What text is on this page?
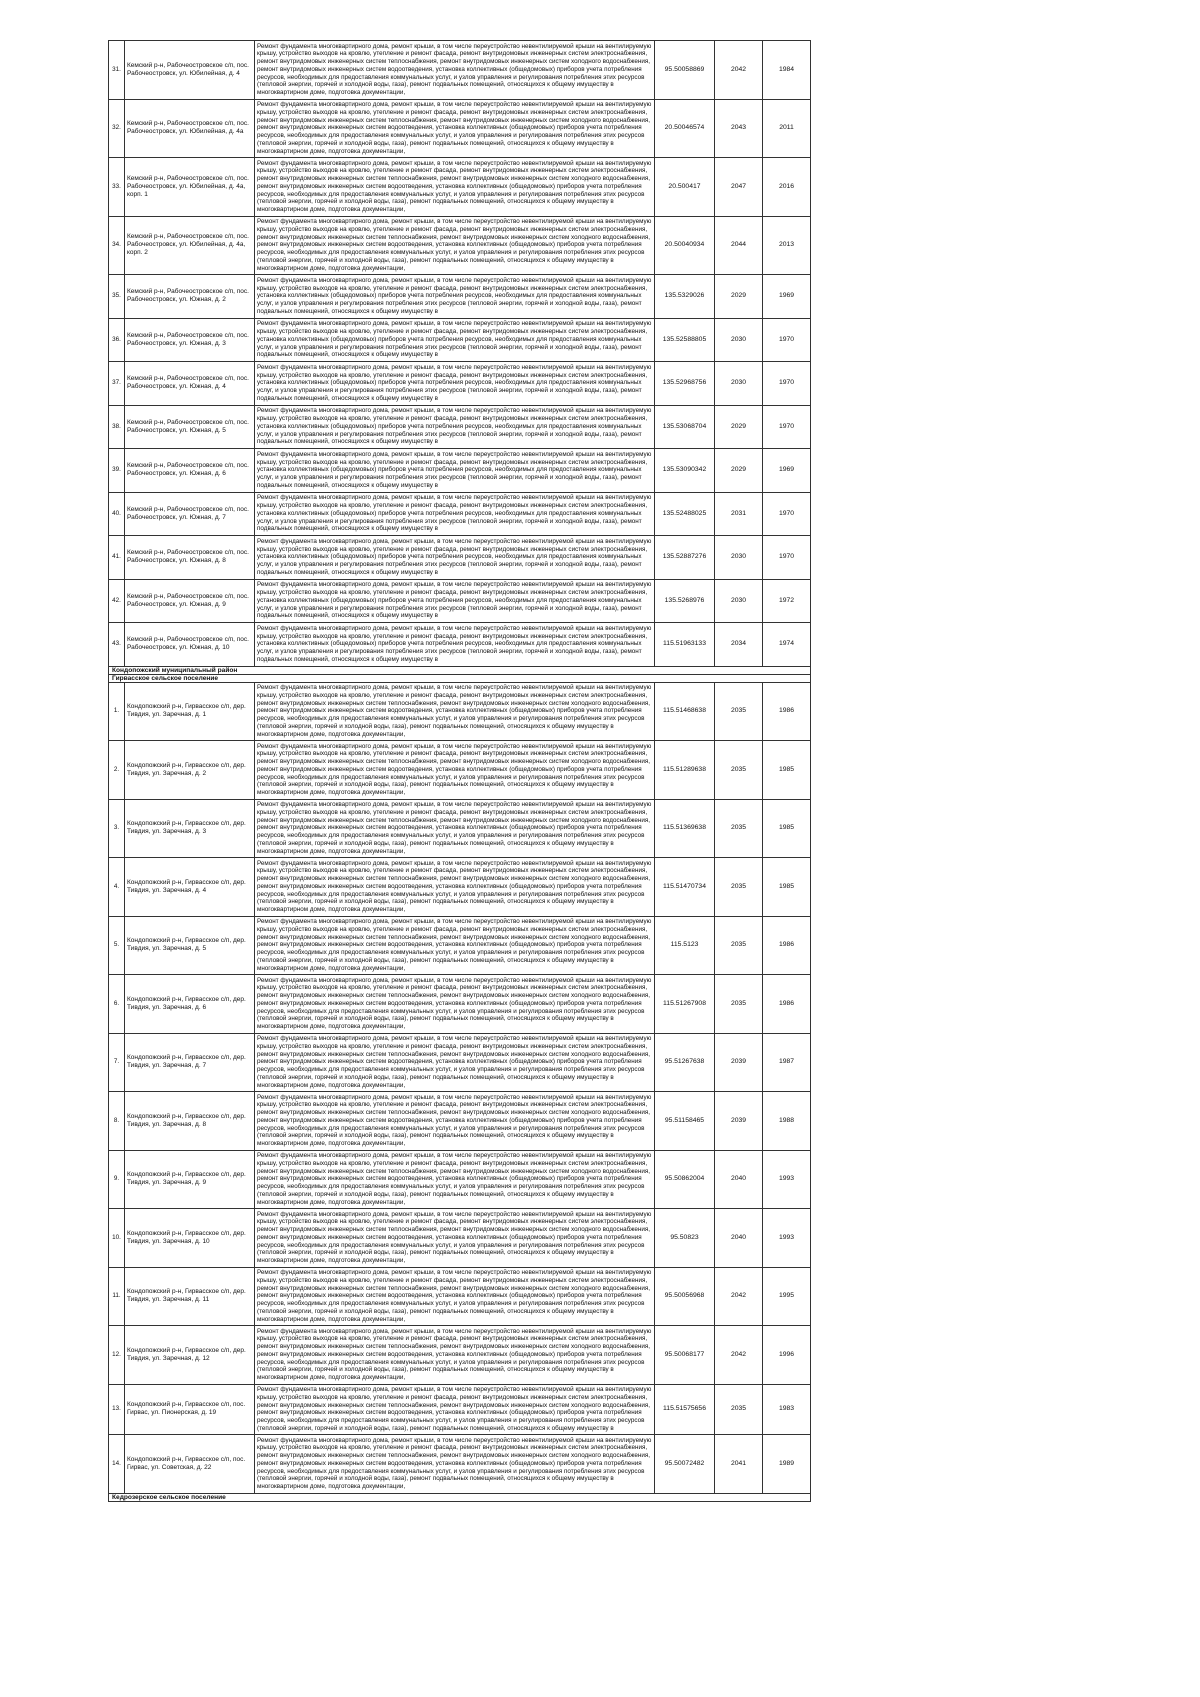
31.	Кемский р-н, Рабочеостровское с/п, пос. Рабочеостровск, ул. Юбилейная, д. 4	Ремонт фундамента многоквартирного дома, ремонт крыши, в том числе переустройство невентилируемой крыши на вентилируемую крышу, устройство выходов на кровлю, утепление и ремонт фасада, ремонт внутридомовых инженерных систем электроснабжения, ремонт внутридомовых инженерных систем теплоснабжения, ремонт внутридомовых инженерных систем холодного водоснабжения, ремонт внутридомовых инженерных систем водоотведения, установка коллективных (общедомовых) приборов учета потребления ресурсов, необходимых для предоставления коммунальных услуг, и узлов управления и регулирования потребления этих ресурсов (тепловой энергии, горячей и холодной воды, газа), ремонт подвальных помещений, относящихся к общему имуществу в многоквартирном доме, подготовка документации,	95.50058869	2042	1984
32.	Кемский р-н, Рабочеостровское с/п, пос. Рабочеостровск, ул. Юбилейная, д. 4а	Ремонт фундамента многоквартирного дома, ремонт крыши, в том числе переустройство невентилируемой крыши на вентилируемую крышу, устройство выходов на кровлю, утепление и ремонт фасада, ремонт внутридомовых инженерных систем электроснабжения, ремонт внутридомовых инженерных систем теплоснабжения, ремонт внутридомовых инженерных систем холодного водоснабжения, ремонт внутридомовых инженерных систем водоотведения, установка коллективных (общедомовых) приборов учета потребления ресурсов, необходимых для предоставления коммунальных услуг, и узлов управления и регулирования потребления этих ресурсов (тепловой энергии, горячей и холодной воды, газа), ремонт подвальных помещений, относящихся к общему имуществу в многоквартирном доме, подготовка документации,	20.50046574	2043	2011
33.	Кемский р-н, Рабочеостровское с/п, пос. Рабочеостровск, ул. Юбилейная, д. 4а, корп. 1	Ремонт фундамента многоквартирного дома, ремонт крыши, в том числе переустройство невентилируемой крыши на вентилируемую крышу, устройство выходов на кровлю, утепление и ремонт фасада, ремонт внутридомовых инженерных систем электроснабжения, ремонт внутридомовых инженерных систем теплоснабжения, ремонт внутридомовых инженерных систем холодного водоснабжения, ремонт внутридомовых инженерных систем водоотведения, установка коллективных (общедомовых) приборов учета потребления ресурсов, необходимых для предоставления коммунальных услуг, и узлов управления и регулирования потребления этих ресурсов (тепловой энергии, горячей и холодной воды, газа), ремонт подвальных помещений, относящихся к общему имуществу в многоквартирном доме, подготовка документации,	20.500417	2047	2016
34.	Кемский р-н, Рабочеостровское с/п, пос. Рабочеостровск, ул. Юбилейная, д. 4а, корп. 2	Ремонт фундамента многоквартирного дома, ремонт крыши, в том числе переустройство невентилируемой крыши на вентилируемую крышу, устройство выходов на кровлю, утепление и ремонт фасада, ремонт внутридомовых инженерных систем электроснабжения, ремонт внутридомовых инженерных систем теплоснабжения, ремонт внутридомовых инженерных систем холодного водоснабжения, ремонт внутридомовых инженерных систем водоотведения, установка коллективных (общедомовых) приборов учета потребления ресурсов, необходимых для предоставления коммунальных услуг, и узлов управления и регулирования потребления этих ресурсов (тепловой энергии, горячей и холодной воды, газа), ремонт подвальных помещений, относящихся к общему имуществу в многоквартирном доме, подготовка документации,	20.50040934	2044	2013
35.	Кемский р-н, Рабочеостровское с/п, пос. Рабочеостровск, ул. Южная, д. 2	Ремонт фундамента многоквартирного дома, ремонт крыши, в том числе переустройство невентилируемой крыши на вентилируемую крышу, устройство выходов на кровлю, утепление и ремонт фасада, ремонт внутридомовых инженерных систем электроснабжения, установка коллективных (общедомовых) приборов учета потребления ресурсов, необходимых для предоставления коммунальных услуг, и узлов управления и регулирования потребления этих ресурсов (тепловой энергии, горячей и холодной воды, газа), ремонт подвальных помещений, относящихся к общему имуществу в	135.5329026	2029	1969
36.	Кемский р-н, Рабочеостровское с/п, пос. Рабочеостровск, ул. Южная, д. 3	Ремонт фундамента многоквартирного дома, ремонт крыши, в том числе переустройство невентилируемой крыши на вентилируемую крышу, устройство выходов на кровлю, утепление и ремонт фасада, ремонт внутридомовых инженерных систем электроснабжения, установка коллективных (общедомовых) приборов учета потребления ресурсов, необходимых для предоставления коммунальных услуг, и узлов управления и регулирования потребления этих ресурсов (тепловой энергии, горячей и холодной воды, газа), ремонт подвальных помещений, относящихся к общему имуществу в	135.52588805	2030	1970
37.	Кемский р-н, Рабочеостровское с/п, пос. Рабочеостровск, ул. Южная, д. 4	Ремонт фундамента многоквартирного дома, ремонт крыши, в том числе переустройство невентилируемой крыши на вентилируемую крышу, устройство выходов на кровлю, утепление и ремонт фасада, ремонт внутридомовых инженерных систем электроснабжения, установка коллективных (общедомовых) приборов учета потребления ресурсов, необходимых для предоставления коммунальных услуг, и узлов управления и регулирования потребления этих ресурсов (тепловой энергии, горячей и холодной воды, газа), ремонт подвальных помещений, относящихся к общему имуществу в	135.52968756	2030	1970
38.	Кемский р-н, Рабочеостровское с/п, пос. Рабочеостровск, ул. Южная, д. 5	Ремонт фундамента многоквартирного дома, ремонт крыши, в том числе переустройство невентилируемой крыши на вентилируемую крышу, устройство выходов на кровлю, утепление и ремонт фасада, ремонт внутридомовых инженерных систем электроснабжения, установка коллективных (общедомовых) приборов учета потребления ресурсов, необходимых для предоставления коммунальных услуг, и узлов управления и регулирования потребления этих ресурсов (тепловой энергии, горячей и холодной воды, газа), ремонт подвальных помещений, относящихся к общему имуществу в	135.53068704	2029	1970
39.	Кемский р-н, Рабочеостровское с/п, пос. Рабочеостровск, ул. Южная, д. 6	Ремонт фундамента многоквартирного дома, ремонт крыши, в том числе переустройство невентилируемой крыши на вентилируемую крышу, устройство выходов на кровлю, утепление и ремонт фасада, ремонт внутридомовых инженерных систем электроснабжения, установка коллективных (общедомовых) приборов учета потребления ресурсов, необходимых для предоставления коммунальных услуг, и узлов управления и регулирования потребления этих ресурсов (тепловой энергии, горячей и холодной воды, газа), ремонт подвальных помещений, относящихся к общему имуществу в	135.53090342	2029	1969
40.	Кемский р-н, Рабочеостровское с/п, пос. Рабочеостровск, ул. Южная, д. 7	Ремонт фундамента многоквартирного дома, ремонт крыши, в том числе переустройство невентилируемой крыши на вентилируемую крышу, устройство выходов на кровлю, утепление и ремонт фасада, ремонт внутридомовых инженерных систем электроснабжения, установка коллективных (общедомовых) приборов учета потребления ресурсов, необходимых для предоставления коммунальных услуг, и узлов управления и регулирования потребления этих ресурсов (тепловой энергии, горячей и холодной воды, газа), ремонт подвальных помещений, относящихся к общему имуществу в	135.52488025	2031	1970
41.	Кемский р-н, Рабочеостровское с/п, пос. Рабочеостровск, ул. Южная, д. 8	Ремонт фундамента многоквартирного дома, ремонт крыши, в том числе переустройство невентилируемой крыши на вентилируемую крышу, устройство выходов на кровлю, утепление и ремонт фасада, ремонт внутридомовых инженерных систем электроснабжения, установка коллективных (общедомовых) приборов учета потребления ресурсов, необходимых для предоставления коммунальных услуг, и узлов управления и регулирования потребления этих ресурсов (тепловой энергии, горячей и холодной воды, газа), ремонт подвальных помещений, относящихся к общему имуществу в	135.52887276	2030	1970
42.	Кемский р-н, Рабочеостровское с/п, пос. Рабочеостровск, ул. Южная, д. 9	Ремонт фундамента многоквартирного дома, ремонт крыши, в том числе переустройство невентилируемой крыши на вентилируемую крышу, устройство выходов на кровлю, утепление и ремонт фасада, ремонт внутридомовых инженерных систем электроснабжения, установка коллективных (общедомовых) приборов учета потребления ресурсов, необходимых для предоставления коммунальных услуг, и узлов управления и регулирования потребления этих ресурсов (тепловой энергии, горячей и холодной воды, газа), ремонт подвальных помещений, относящихся к общему имуществу в	135.5268976	2030	1972
43.	Кемский р-н, Рабочеостровское с/п, пос. Рабочеостровск, ул. Южная, д. 10	Ремонт фундамента многоквартирного дома, ремонт крыши, в том числе переустройство невентилируемой крыши на вентилируемую крышу, устройство выходов на кровлю, утепление и ремонт фасада, ремонт внутридомовых инженерных систем электроснабжения, установка коллективных (общедомовых) приборов учета потребления ресурсов, необходимых для предоставления коммунальных услуг, и узлов управления и регулирования потребления этих ресурсов (тепловой энергии, горячей и холодной воды, газа), ремонт подвальных помещений, относящихся к общему имуществу в	115.51963133	2034	1974
Кондопожский муниципальный район					
Гирвасское сельское поселение					
1.	Кондопожский р-н, Гирвасское с/п, дер. Тивдия, ул. Заречная, д. 1	Ремонт фундамента многоквартирного дома, ремонт крыши, в том числе переустройство невентилируемой крыши на вентилируемую крышу, устройство выходов на кровлю, утепление и ремонт фасада, ремонт внутридомовых инженерных систем электроснабжения, ремонт внутридомовых инженерных систем теплоснабжения, ремонт внутридомовых инженерных систем холодного водоснабжения, ремонт внутридомовых инженерных систем водоотведения, установка коллективных (общедомовых) приборов учета потребления ресурсов, необходимых для предоставления коммунальных услуг, и узлов управления и регулирования потребления этих ресурсов (тепловой энергии, горячей и холодной воды, газа), ремонт подвальных помещений, относящихся к общему имуществу в многоквартирном доме, подготовка документации,	115.51468638	2035	1986
2.	Кондопожский р-н, Гирвасское с/п, дер. Тивдия, ул. Заречная, д. 2	Ремонт фундамента многоквартирного дома, ремонт крыши, в том числе переустройство невентилируемой крыши на вентилируемую крышу, устройство выходов на кровлю, утепление и ремонт фасада, ремонт внутридомовых инженерных систем электроснабжения, ремонт внутридомовых инженерных систем теплоснабжения, ремонт внутридомовых инженерных систем холодного водоснабжения, ремонт внутридомовых инженерных систем водоотведения, установка коллективных (общедомовых) приборов учета потребления ресурсов, необходимых для предоставления коммунальных услуг, и узлов управления и регулирования потребления этих ресурсов (тепловой энергии, горячей и холодной воды, газа), ремонт подвальных помещений, относящихся к общему имуществу в многоквартирном доме, подготовка документации,	115.51289638	2035	1985
3.	Кондопожский р-н, Гирвасское с/п, дер. Тивдия, ул. Заречная, д. 3	Ремонт фундамента многоквартирного дома, ремонт крыши, в том числе переустройство невентилируемой крыши на вентилируемую крышу, устройство выходов на кровлю, утепление и ремонт фасада, ремонт внутридомовых инженерных систем электроснабжения, ремонт внутридомовых инженерных систем теплоснабжения, ремонт внутридомовых инженерных систем холодного водоснабжения, ремонт внутридомовых инженерных систем водоотведения, установка коллективных (общедомовых) приборов учета потребления ресурсов, необходимых для предоставления коммунальных услуг, и узлов управления и регулирования потребления этих ресурсов (тепловой энергии, горячей и холодной воды, газа), ремонт подвальных помещений, относящихся к общему имуществу в многоквартирном доме, подготовка документации,	115.51369638	2035	1985
4.	Кондопожский р-н, Гирвасское с/п, дер. Тивдия, ул. Заречная, д. 4	Ремонт фундамента многоквартирного дома, ремонт крыши, в том числе переустройство невентилируемой крыши на вентилируемую крышу, устройство выходов на кровлю, утепление и ремонт фасада, ремонт внутридомовых инженерных систем электроснабжения, ремонт внутридомовых инженерных систем теплоснабжения, ремонт внутридомовых инженерных систем холодного водоснабжения, ремонт внутридомовых инженерных систем водоотведения, установка коллективных (общедомовых) приборов учета потребления ресурсов, необходимых для предоставления коммунальных услуг, и узлов управления и регулирования потребления этих ресурсов (тепловой энергии, горячей и холодной воды, газа), ремонт подвальных помещений, относящихся к общему имуществу в многоквартирном доме, подготовка документации,	115.51470734	2035	1985
5.	Кондопожский р-н, Гирвасское с/п, дер. Тивдия, ул. Заречная, д. 5	Ремонт фундамента многоквартирного дома, ремонт крыши, в том числе переустройство невентилируемой крыши на вентилируемую крышу, устройство выходов на кровлю, утепление и ремонт фасада, ремонт внутридомовых инженерных систем электроснабжения, ремонт внутридомовых инженерных систем теплоснабжения, ремонт внутридомовых инженерных систем холодного водоснабжения, ремонт внутридомовых инженерных систем водоотведения, установка коллективных (общедомовых) приборов учета потребления ресурсов, необходимых для предоставления коммунальных услуг, и узлов управления и регулирования потребления этих ресурсов (тепловой энергии, горячей и холодной воды, газа), ремонт подвальных помещений, относящихся к общему имуществу в многоквартирном доме, подготовка документации,	115.5123	2035	1986
6.	Кондопожский р-н, Гирвасское с/п, дер. Тивдия, ул. Заречная, д. 6	Ремонт фундамента многоквартирного дома, ремонт крыши, в том числе переустройство невентилируемой крыши на вентилируемую крышу, устройство выходов на кровлю, утепление и ремонт фасада, ремонт внутридомовых инженерных систем электроснабжения, ремонт внутридомовых инженерных систем теплоснабжения, ремонт внутридомовых инженерных систем холодного водоснабжения, ремонт внутридомовых инженерных систем водоотведения, установка коллективных (общедомовых) приборов учета потребления ресурсов, необходимых для предоставления коммунальных услуг, и узлов управления и регулирования потребления этих ресурсов (тепловой энергии, горячей и холодной воды, газа), ремонт подвальных помещений, относящихся к общему имуществу в многоквартирном доме, подготовка документации,	115.51267908	2035	1986
7.	Кондопожский р-н, Гирвасское с/п, дер. Тивдия, ул. Заречная, д. 7	Ремонт фундамента многоквартирного дома, ремонт крыши, в том числе переустройство невентилируемой крыши на вентилируемую крышу, устройство выходов на кровлю, утепление и ремонт фасада, ремонт внутридомовых инженерных систем электроснабжения, ремонт внутридомовых инженерных систем теплоснабжения, ремонт внутридомовых инженерных систем холодного водоснабжения, ремонт внутридомовых инженерных систем водоотведения, установка коллективных (общедомовых) приборов учета потребления ресурсов, необходимых для предоставления коммунальных услуг, и узлов управления и регулирования потребления этих ресурсов (тепловой энергии, горячей и холодной воды, газа), ремонт подвальных помещений, относящихся к общему имуществу в многоквартирном доме, подготовка документации,	95.51267638	2039	1987
8.	Кондопожский р-н, Гирвасское с/п, дер. Тивдия, ул. Заречная, д. 8	Ремонт фундамента многоквартирного дома, ремонт крыши, в том числе переустройство невентилируемой крыши на вентилируемую крышу, устройство выходов на кровлю, утепление и ремонт фасада, ремонт внутридомовых инженерных систем электроснабжения, ремонт внутридомовых инженерных систем теплоснабжения, ремонт внутридомовых инженерных систем холодного водоснабжения, ремонт внутридомовых инженерных систем водоотведения, установка коллективных (общедомовых) приборов учета потребления ресурсов, необходимых для предоставления коммунальных услуг, и узлов управления и регулирования потребления этих ресурсов (тепловой энергии, горячей и холодной воды, газа), ремонт подвальных помещений, относящихся к общему имуществу в многоквартирном доме, подготовка документации,	95.51158465	2039	1988
9.	Кондопожский р-н, Гирвасское с/п, дер. Тивдия, ул. Заречная, д. 9	Ремонт фундамента многоквартирного дома, ремонт крыши, в том числе переустройство невентилируемой крыши на вентилируемую крышу, устройство выходов на кровлю, утепление и ремонт фасада, ремонт внутридомовых инженерных систем электроснабжения, ремонт внутридомовых инженерных систем теплоснабжения, ремонт внутридомовых инженерных систем холодного водоснабжения, ремонт внутридомовых инженерных систем водоотведения, установка коллективных (общедомовых) приборов учета потребления ресурсов, необходимых для предоставления коммунальных услуг, и узлов управления и регулирования потребления этих ресурсов (тепловой энергии, горячей и холодной воды, газа), ремонт подвальных помещений, относящихся к общему имуществу в многоквартирном доме, подготовка документации,	95.50862004	2040	1993
10.	Кондопожский р-н, Гирвасское с/п, дер. Тивдия, ул. Заречная, д. 10	Ремонт фундамента многоквартирного дома, ремонт крыши, в том числе переустройство невентилируемой крыши на вентилируемую крышу, устройство выходов на кровлю, утепление и ремонт фасада, ремонт внутридомовых инженерных систем электроснабжения, ремонт внутридомовых инженерных систем теплоснабжения, ремонт внутридомовых инженерных систем холодного водоснабжения, ремонт внутридомовых инженерных систем водоотведения, установка коллективных (общедомовых) приборов учета потребления ресурсов, необходимых для предоставления коммунальных услуг, и узлов управления и регулирования потребления этих ресурсов (тепловой энергии, горячей и холодной воды, газа), ремонт подвальных помещений, относящихся к общему имуществу в многоквартирном доме, подготовка документации,	95.50823	2040	1993
11.	Кондопожский р-н, Гирвасское с/п, дер. Тивдия, ул. Заречная, д. 11	Ремонт фундамента многоквартирного дома, ремонт крыши, в том числе переустройство невентилируемой крыши на вентилируемую крышу, устройство выходов на кровлю, утепление и ремонт фасада, ремонт внутридомовых инженерных систем электроснабжения, ремонт внутридомовых инженерных систем теплоснабжения, ремонт внутридомовых инженерных систем холодного водоснабжения, ремонт внутридомовых инженерных систем водоотведения, установка коллективных (общедомовых) приборов учета потребления ресурсов, необходимых для предоставления коммунальных услуг, и узлов управления и регулирования потребления этих ресурсов (тепловой энергии, горячей и холодной воды, газа), ремонт подвальных помещений, относящихся к общему имуществу в многоквартирном доме, подготовка документации,	95.50056968	2042	1995
12.	Кондопожский р-н, Гирвасское с/п, дер. Тивдия, ул. Заречная, д. 12	Ремонт фундамента многоквартирного дома, ремонт крыши, в том числе переустройство невентилируемой крыши на вентилируемую крышу, устройство выходов на кровлю, утепление и ремонт фасада, ремонт внутридомовых инженерных систем электроснабжения, ремонт внутридомовых инженерных систем теплоснабжения, ремонт внутридомовых инженерных систем холодного водоснабжения, ремонт внутридомовых инженерных систем водоотведения, установка коллективных (общедомовых) приборов учета потребления ресурсов, необходимых для предоставления коммунальных услуг, и узлов управления и регулирования потребления этих ресурсов (тепловой энергии, горячей и холодной воды, газа), ремонт подвальных помещений, относящихся к общему имуществу в многоквартирном доме, подготовка документации,	95.50068177	2042	1996
13.	Кондопожский р-н, Гирвасское с/п, пос. Гирвас, ул. Пионерская, д. 19	Ремонт фундамента многоквартирного дома, ремонт крыши, в том числе переустройство невентилируемой крыши на вентилируемую крышу, устройство выходов на кровлю, утепление и ремонт фасада, ремонт внутридомовых инженерных систем электроснабжения, ремонт внутридомовых инженерных систем теплоснабжения, ремонт внутридомовых инженерных систем холодного водоснабжения, ремонт внутридомовых инженерных систем водоотведения, установка коллективных (общедомовых) приборов учета потребления ресурсов, необходимых для предоставления коммунальных услуг, и узлов управления и регулирования потребления этих ресурсов (тепловой энергии, горячей и холодной воды, газа), ремонт подвальных помещений, относящихся к общему имуществу в	115.51575656	2035	1983
14.	Кондопожский р-н, Гирвасское с/п, пос. Гирвас, ул. Советская, д. 22	Ремонт фундамента многоквартирного дома, ремонт крыши, в том числе переустройство невентилируемой крыши на вентилируемую крышу, устройство выходов на кровлю, утепление и ремонт фасада, ремонт внутридомовых инженерных систем электроснабжения, ремонт внутридомовых инженерных систем теплоснабжения, ремонт внутридомовых инженерных систем холодного водоснабжения, ремонт внутридомовых инженерных систем водоотведения, установка коллективных (общедомовых) приборов учета потребления ресурсов, необходимых для предоставления коммунальных услуг, и узлов управления и регулирования потребления этих ресурсов (тепловой энергии, горячей и холодной воды, газа), ремонт подвальных помещений, относящихся к общему имуществу в многоквартирном доме, подготовка документации,	95.50072482	2041	1989
Кедрозерское сельское поселение					
